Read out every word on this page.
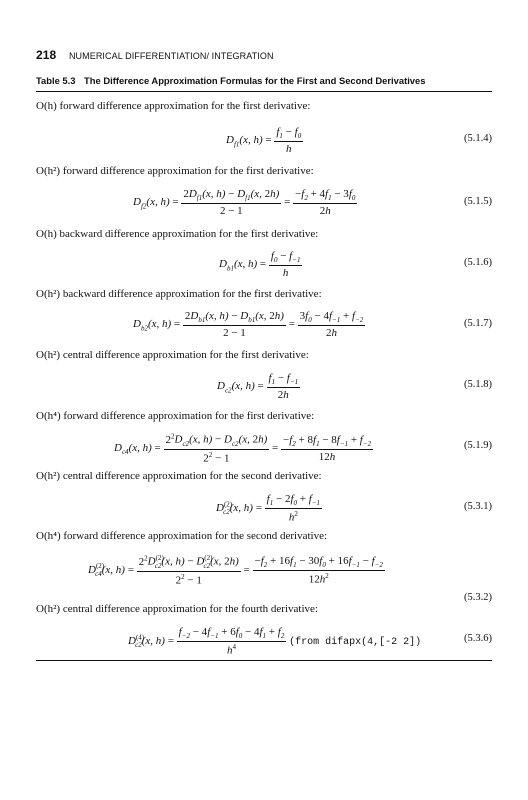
218 NUMERICAL DIFFERENTIATION/ INTEGRATION
Table 5.3 The Difference Approximation Formulas for the First and Second Derivatives
O(h) forward difference approximation for the first derivative:
$D_{f1}(x$, $h) = \frac{f_1 - f_0}{h}$	(5.1.4)
O(h²) forward difference approximation for the first derivative:
$D_{f2}(x$, $h) = \frac{2D_{f1}(x, h) - D_{f1}(x, 2h)}{2 - 1} = \frac{-f_2 + 4f_1 - 3f_0}{2h}$	(5.1.5)
O(h) backward difference approximation for the first derivative:
$D_{b1}(x$, $h) = \frac{f_0 - f_{-1}}{h}$	(5.1.6)
O(h²) backward difference approximation for the first derivative:
$D_{b2}(x$, $h) = \frac{2D_{b1}(x, h) - D_{b1}(x, 2h)}{2 - 1} = \frac{3f_0 - 4f_{-1} + f_{-2}}{2h}$	(5.1.7)
O(h²) central difference approximation for the first derivative:
$D_{c2}(x$, $h) = \frac{f_1 - f_{-1}}{2h}$	(5.1.8)
O(h⁴) forward difference approximation for the first derivative:
$D_{c4}(x$, $h) = \frac{2^2D_{c2}(x, h) - D_{c2}(x, 2h)}{2^2 - 1} = \frac{-f_2 + 8f_1 - 8f_{-1} + f_{-2}}{12h}$	(5.1.9)
O(h²) central difference approximation for the second derivative:
$D^{(2)}_{c2}(x$, $h) = \frac{f_1 - 2f_0 + f_{-1}}{h^2}$	(5.3.1)
O(h⁴) forward difference approximation for the second derivative:
$D^{(2)}_{c4}(x$, $h) = \frac{2^2D^{(2)}_{c2}(x, h) - D^{(2)}_{c2}(x, 2h)}{2^2 - 1} = \frac{-f_2 + 16f_1 - 30f_0 + 16f_{-1} - f_{-2}}{12h^2}$
(5.3.2)
O(h²) central difference approximation for the fourth derivative:
$D^{(4)}_{c2}(x$, $h) = \frac{f_{-2} - 4f_{-1} + 6f_0 - 4f_1 + f_2}{h^4}$ (from difapx(4,[-2 2])	(5.3.6)
